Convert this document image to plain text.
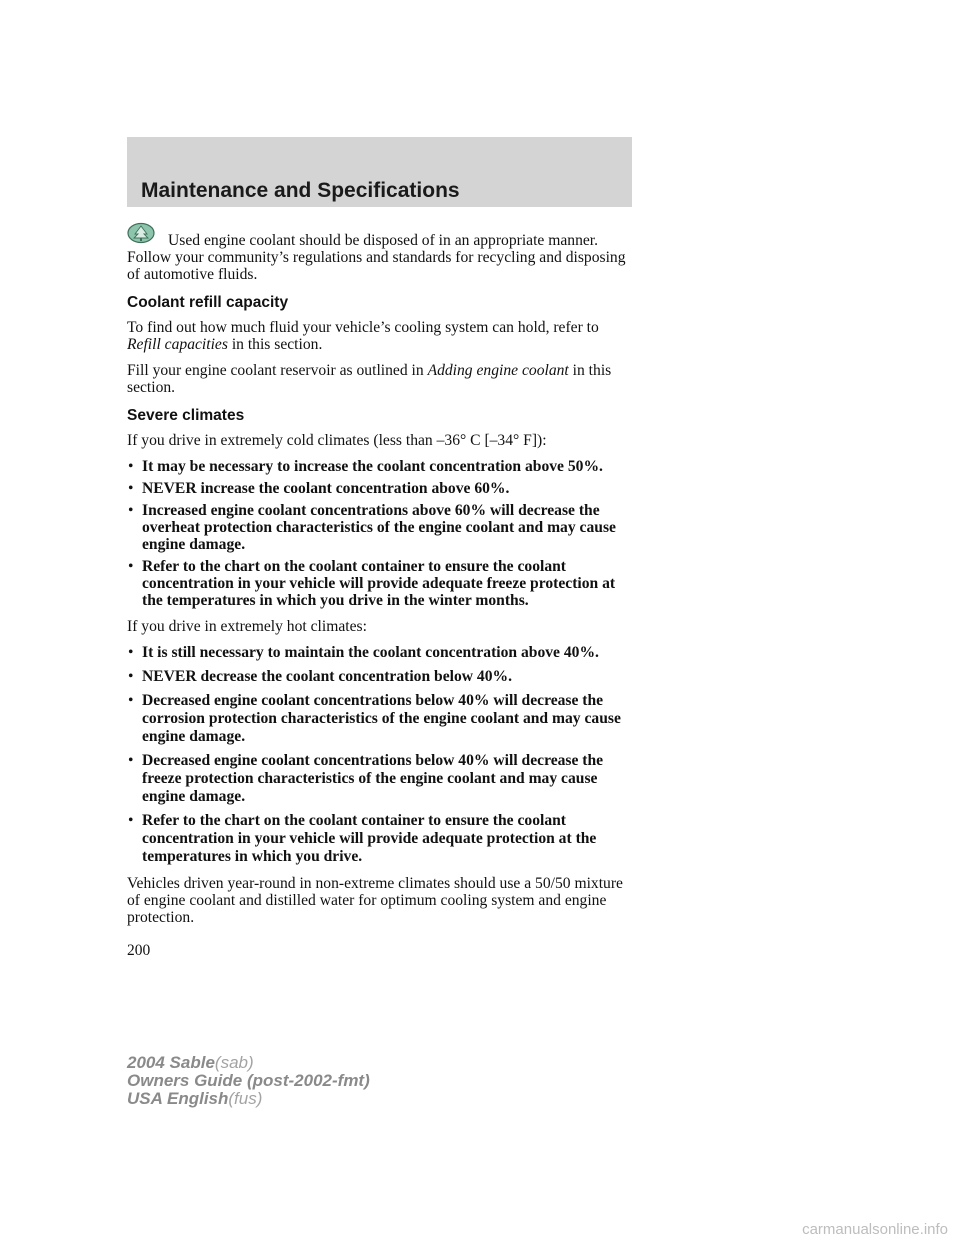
Maintenance and Specifications

Used engine coolant should be disposed of in an appropriate manner. Follow your community’s regulations and standards for recycling and disposing of automotive fluids.

Coolant refill capacity

To find out how much fluid your vehicle’s cooling system can hold, refer to Refill capacities in this section.

Fill your engine coolant reservoir as outlined in Adding engine coolant in this section.

Severe climates

If you drive in extremely cold climates (less than –36° C [–34° F]):

• It may be necessary to increase the coolant concentration above 50%.
• NEVER increase the coolant concentration above 60%.
• Increased engine coolant concentrations above 60% will decrease the overheat protection characteristics of the engine coolant and may cause engine damage.
• Refer to the chart on the coolant container to ensure the coolant concentration in your vehicle will provide adequate freeze protection at the temperatures in which you drive in the winter months.

If you drive in extremely hot climates:

• It is still necessary to maintain the coolant concentration above 40%.
• NEVER decrease the coolant concentration below 40%.
• Decreased engine coolant concentrations below 40% will decrease the corrosion protection characteristics of the engine coolant and may cause engine damage.
• Decreased engine coolant concentrations below 40% will decrease the freeze protection characteristics of the engine coolant and may cause engine damage.
• Refer to the chart on the coolant container to ensure the coolant concentration in your vehicle will provide adequate protection at the temperatures in which you drive.

Vehicles driven year-round in non-extreme climates should use a 50/50 mixture of engine coolant and distilled water for optimum cooling system and engine protection.

200
2004 Sable(sab)
Owners Guide (post-2002-fmt)
USA English(fus)
carmanualsonline.info
